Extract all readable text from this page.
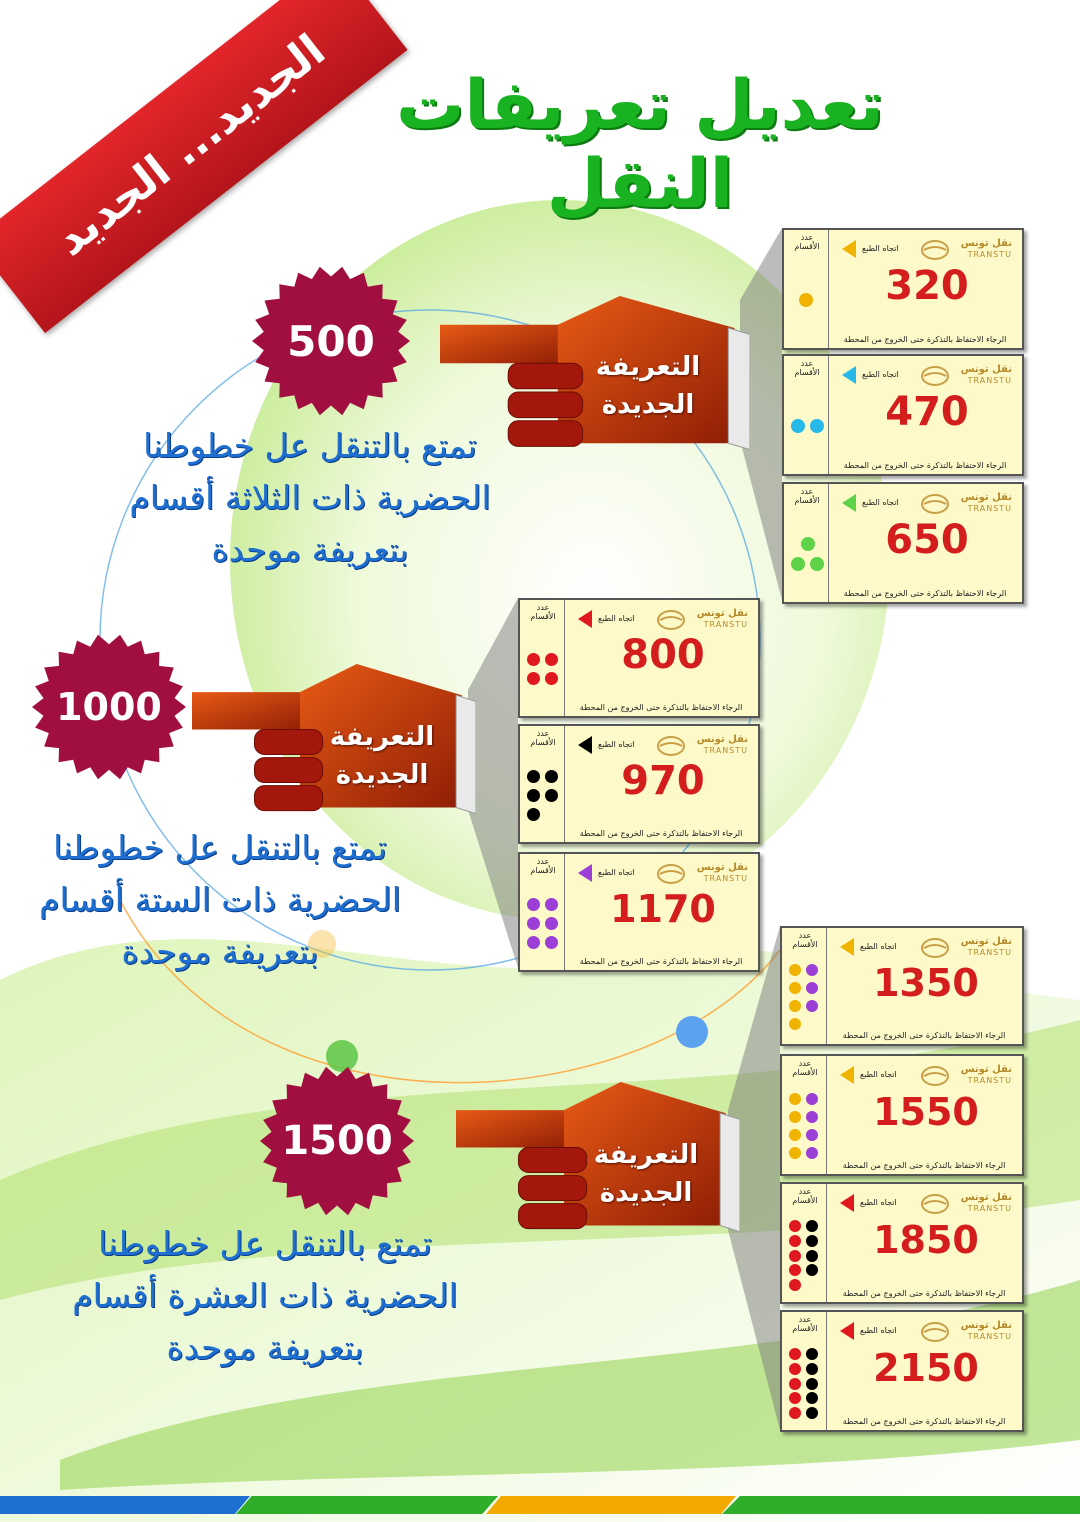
الجديد... الجديد تعديل تعريفات النقل
500
التعريفة الجديدة
تمتع بالتنقل عل خطوطنا
الحضرية ذات الثلاثة أقسام
بتعريفة موحدة
1000
التعريفة الجديدة
تمتع بالتنقل عل خطوطنا
الحضرية ذات الستة أقسام
بتعريفة موحدة
1500	التعريفة الجديدة
تمتع بالتنقل عل خطوطنا
الحضرية ذات العشرة أقسام
بتعريفة موحدة
عدد الأقسام	اتجاه الطبع	نقل تونس
TRANSTU
320
الرجاء الاحتفاظ بالتذكرة حتى الخروج من المحطة
عدد الأقسام	اتجاه الطبع	نقل تونس
TRANSTU
470
الرجاء الاحتفاظ بالتذكرة حتى الخروج من المحطة
عدد الأقسام	اتجاه الطبع	نقل تونس
TRANSTU
650
الرجاء الاحتفاظ بالتذكرة حتى الخروج من المحطة
عدد الأقسام	اتجاه الطبع	نقل تونس
TRANSTU
800
الرجاء الاحتفاظ بالتذكرة حتى الخروج من المحطة
عدد الأقسام	اتجاه الطبع	نقل تونس
TRANSTU
970
الرجاء الاحتفاظ بالتذكرة حتى الخروج من المحطة
عدد الأقسام	اتجاه الطبع	نقل تونس
TRANSTU
1170
الرجاء الاحتفاظ بالتذكرة حتى الخروج من المحطة
عدد الأقسام	اتجاه الطبع	نقل تونس
TRANSTU
1350
الرجاء الاحتفاظ بالتذكرة حتى الخروج من المحطة
عدد الأقسام	اتجاه الطبع	نقل تونس
TRANSTU
1550
الرجاء الاحتفاظ بالتذكرة حتى الخروج من المحطة
عدد الأقسام	اتجاه الطبع	نقل تونس
TRANSTU
1850
الرجاء الاحتفاظ بالتذكرة حتى الخروج من المحطة
عدد الأقسام	اتجاه الطبع	نقل تونس
TRANSTU
2150
الرجاء الاحتفاظ بالتذكرة حتى الخروج من المحطة
